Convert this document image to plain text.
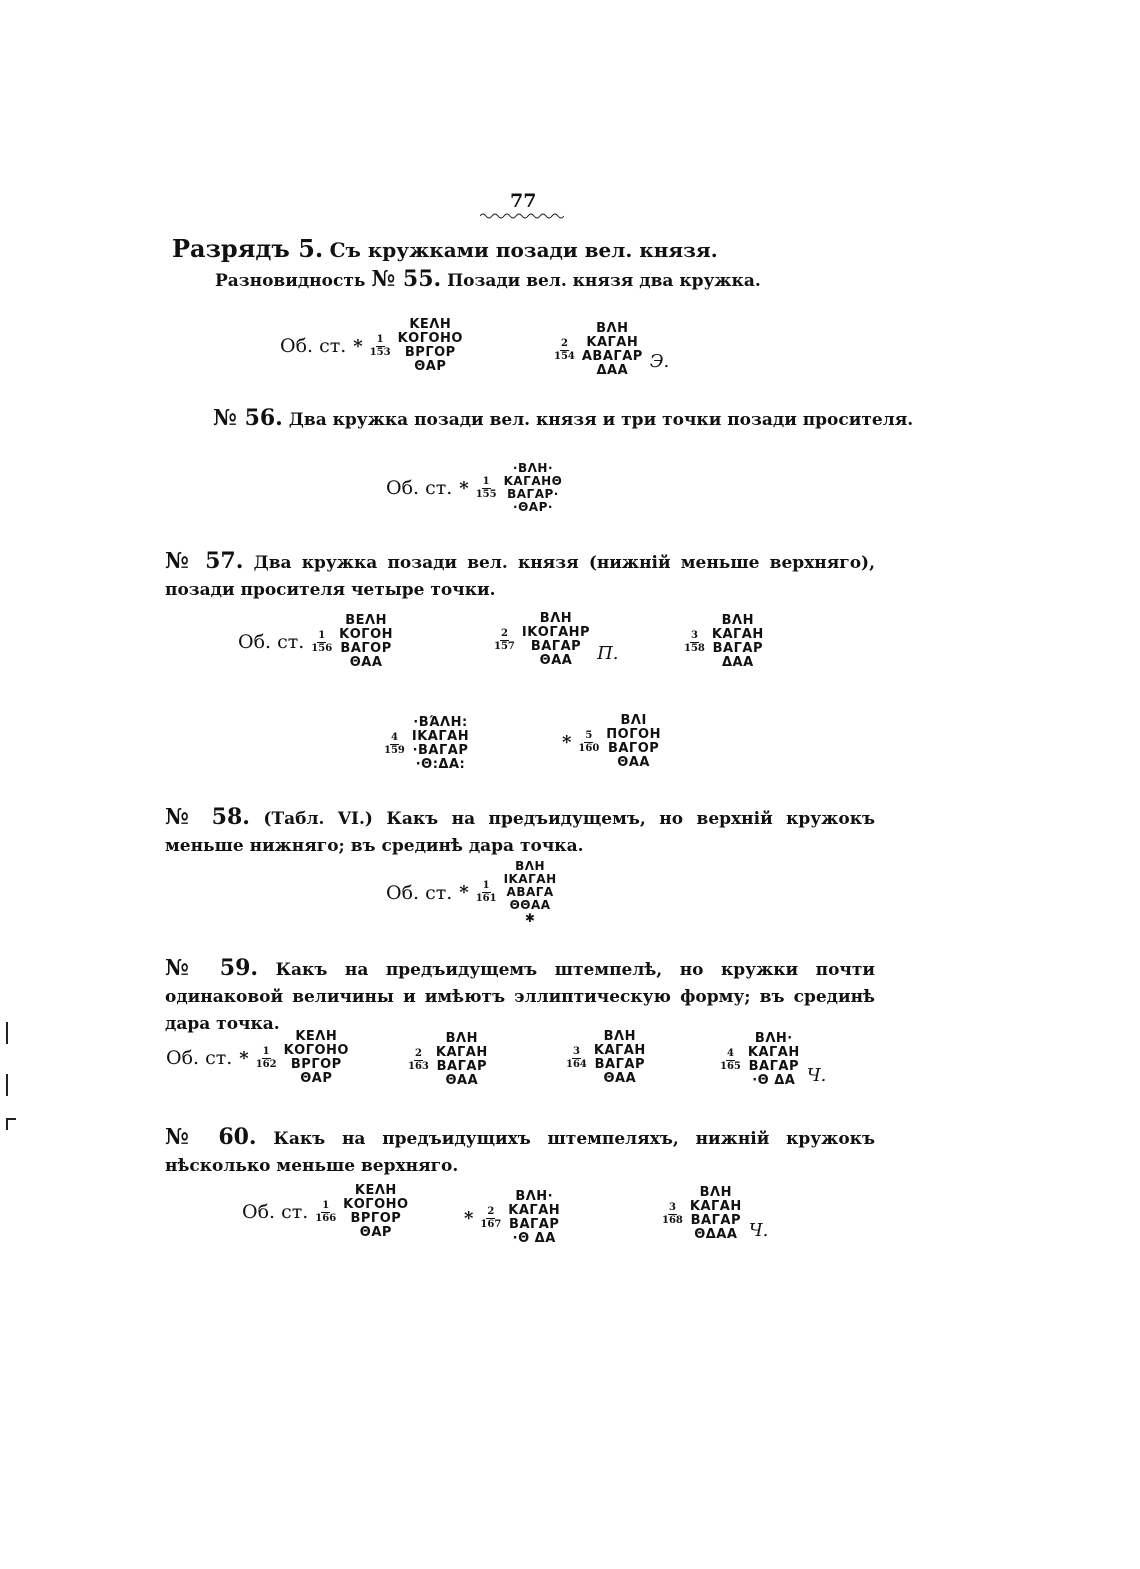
77
Разрядъ 5. Съ кружками позади вел. князя.
Разновидность № 55. Позади вел. князя два кружка.
Об. ст. * $\frac{1}{153}$
ΚΕΛΗ
ΚΟΓΟΗΟ
ΒΡΓΟΡ
ΘΑΡ
$\frac{2}{154}$
ΒΛΗ
ΚΑΓΑΗ
ΑΒΑΓΑΡ
ΔΑΑ Э.
№ 56. Два кружка позади вел. князя и три точки позади просителя.
Об. ст. * $\frac{1}{155}$
·ΒΛΗ·
ΚΑΓΑΗΘ
ΒΑΓΑΡ·
·ΘΑΡ·
№ 57. Два кружка позади вел. князя (нижнiй меньше верхняго), позади просителя четыре точки.
Об. ст. $\frac{1}{156}$
ΒΕΛΗ
ΚΟΓΟΗ
ΒΑΓΟΡ
ΘΑΑ
$\frac{2}{157}$
ΒΛΗ
ΙΚΟΓΑΗΡ
ΒΑΓΑΡ
ΘΑΑ П.	$\frac{3}{158}$
ΒΛΗ
ΚΑΓΑΗ
ΒΑΓΑΡ
ΔΑΑ
$\frac{4}{159}$
·ΒΆΛΗ:
ΙΚΑΓΑΗ
·ΒΑΓΑΡ
·Θ:ΔΑ:
* $\frac{5}{160}$
ΒΛΙ
ΠΟΓΟΗ
ΒΑΓΟΡ
ΘΑΑ
№ 58. (Табл. VI.) Какъ на предъидущемъ, но верхнiй кружокъ меньше нижняго; въ срединѣ дара точка.
Об. ст. * $\frac{1}{161}$
ΒΛΗ
ΙΚΑΓΑΗ
ΑΒΑΓΑ
ΘΘΑΑ
✱
№ 59. Какъ на предъидущемъ штемпелѣ, но кружки почти одинаковой величины и имѣютъ эллиптическую форму; въ срединѣ дара точка.
Об. ст. * $\frac{1}{162}$
ΚΕΛΗ
ΚΟΓΟΗΟ
ΒΡΓΟΡ
ΘΑΡ
$\frac{2}{163}$
ΒΛΗ
ΚΑΓΑΗ
ΒΑΓΑΡ
ΘΑΑ
$\frac{3}{164}$
ΒΛΗ
ΚΑΓΑΗ
ΒΑΓΑΡ
ΘΑΑ
$\frac{4}{165}$
ΒΛΗ·
ΚΑΓΑΗ
ΒΑΓΑΡ
·Θ ΔΑ Ч.
№ 60. Какъ на предъидущихъ штемпеляхъ, нижнiй кружокъ нѣсколько меньше верхняго.
Об. ст. $\frac{1}{166}$
ΚΕΛΗ
ΚΟΓΟΗΟ
ΒΡΓΟΡ
ΘΑΡ
* $\frac{2}{167}$
ΒΛΗ·
ΚΑΓΑΗ
ΒΑΓΑΡ
·Θ ΔΑ
$\frac{3}{168}$
ΒΛΗ
ΚΑΓΑΗ
ΒΑΓΑΡ
ΘΔΑΑ Ч.
